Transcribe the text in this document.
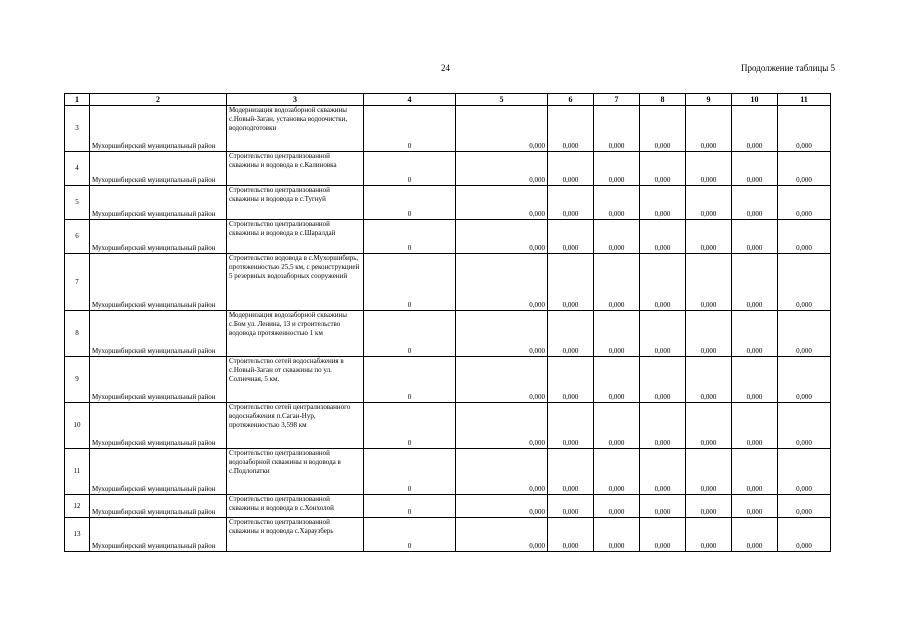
24	Продолжение таблицы 5
1	2	3	4	5	6	7	8	9	10	11
3	Мухоршибирский муниципальный район	Модернизация водозаборной скважины с.Новый-Заган, установка водоочистки, водоподготовки	0	0,000	0,000	0,000	0,000	0,000	0,000	0,000
4	Мухоршибирский муниципальный район	Строительство централизованной скважины и водовода в с.Калиновка	0	0,000	0,000	0,000	0,000	0,000	0,000	0,000
5	Мухоршибирский муниципальный район	Строительство централизованной скважины и водовода в с.Тугнуй	0	0,000	0,000	0,000	0,000	0,000	0,000	0,000
6	Мухоршибирский муниципальный район	Строительство централизованной скважины и водовода в с.Шаралдай	0	0,000	0,000	0,000	0,000	0,000	0,000	0,000
7	Мухоршибирский муниципальный район	Строительство водовода в с.Мухоршибирь, протяженностью 25,5 км, с реконструкцией 5 резервных водозаборных сооружений	0	0,000	0,000	0,000	0,000	0,000	0,000	0,000
8	Мухоршибирский муниципальный район	Модернизация водозаборной скважины с.Бом ул. Ленина, 13 и строительство водовода протяженностью 1 км	0	0,000	0,000	0,000	0,000	0,000	0,000	0,000
9	Мухоршибирский муниципальный район	Строительство сетей водоснабжения в с.Новый-Заган от скважины по ул. Солнечная, 5 км.	0	0,000	0,000	0,000	0,000	0,000	0,000	0,000
10	Мухоршибирский муниципальный район	Строительство сетей централизованного водоснабжения п.Саган-Нур, протяженностью 3,598 км	0	0,000	0,000	0,000	0,000	0,000	0,000	0,000
11	Мухоршибирский муниципальный район	Строительство централизованной водозаборной скважины и водовода в с.Подлопатки	0	0,000	0,000	0,000	0,000	0,000	0,000	0,000
12	Мухоршибирский муниципальный район	Строительство централизованной скважины и водовода в с.Хонхолой	0	0,000	0,000	0,000	0,000	0,000	0,000	0,000
13	Мухоршибирский муниципальный район	Строительство централизованной скважины и водовода с.Хараузберь	0	0,000	0,000	0,000	0,000	0,000	0,000	0,000
